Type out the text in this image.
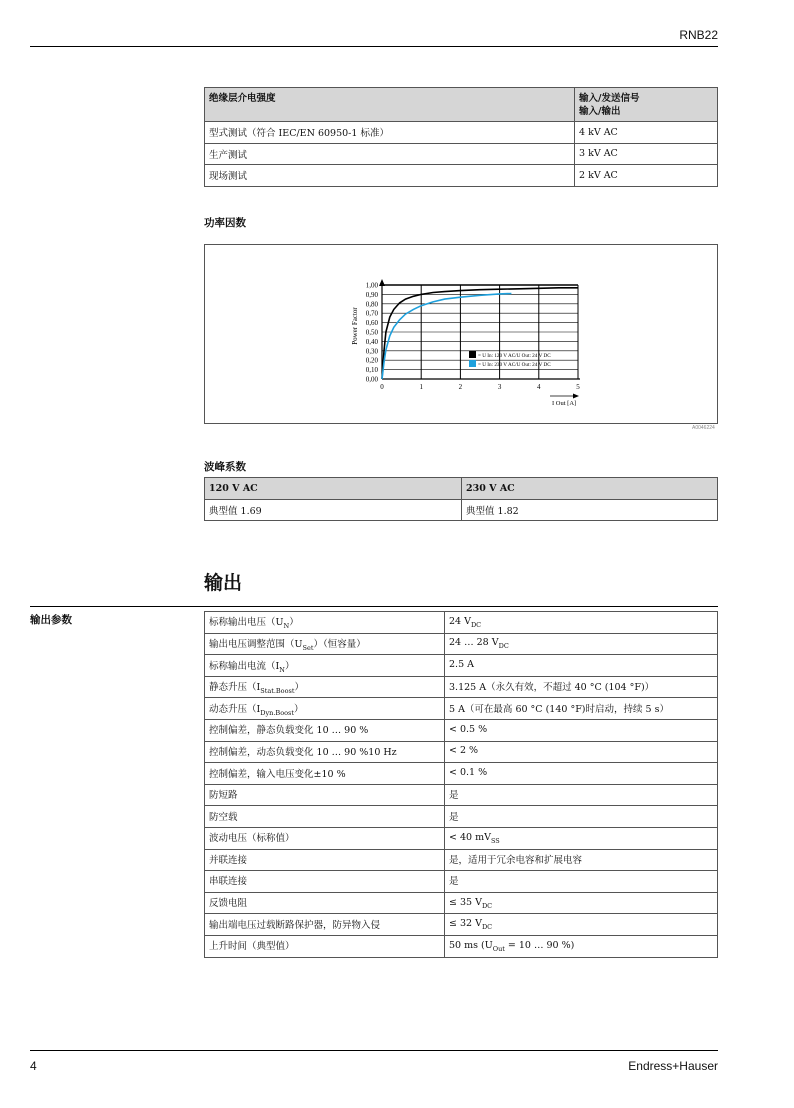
RNB22
绝缘层介电强度	输入/发送信号
输入/输出
型式测试（符合 IEC/EN 60950-1 标准）	4 kV AC
生产测试	3 kV AC
现场测试	2 kV AC
功率因数
0,00
0,10
0,20
0,30
0,40
0,50
0,60
0,70
0,80
0,90
1,00
0	1	2	3	4	5
Power Factor
I Out [A]
= U In: 120 V AC/U Out: 24 V DC
= U In: 230 V AC/U Out: 24 V DC
A0046224
波峰系数
120 V AC	230 V AC
典型值 1.69	典型值 1.82
输出
输出参数	标称输出电压$(U_N)$	24 $V_{DC}$
输出电压调整范围$(U_{Set})$（恒容量）	24 … 28 $V_{DC}$
标称输出电流$(I_N)$	2.5 A
静态升压$(I_{Stat.Boost})$	3.125 A（永久有效，不超过 40 °C (104 °F)）
动态升压$(I_{Dyn.Boost})$	5 A（可在最高 60 °C (140 °F)时启动，持续 5 s）
控制偏差，静态负载变化 10 … 90 %	< 0.5 %
控制偏差，动态负载变化 10 … 90 %10 Hz	< 2 %
控制偏差，输入电压变化±10 %	< 0.1 %
防短路	是
防空载	是
波动电压（标称值）	< 40 $mV_{SS}$
并联连接	是，适用于冗余电容和扩展电容
串联连接	是
反馈电阻	≤ 35 $V_{DC}$
输出端电压过载断路保护器，防异物入侵	≤ 32 $V_{DC}$
上升时间（典型值）	50 ms ($U_{Out} = 10$ … 90 %)
4	Endress+Hauser
